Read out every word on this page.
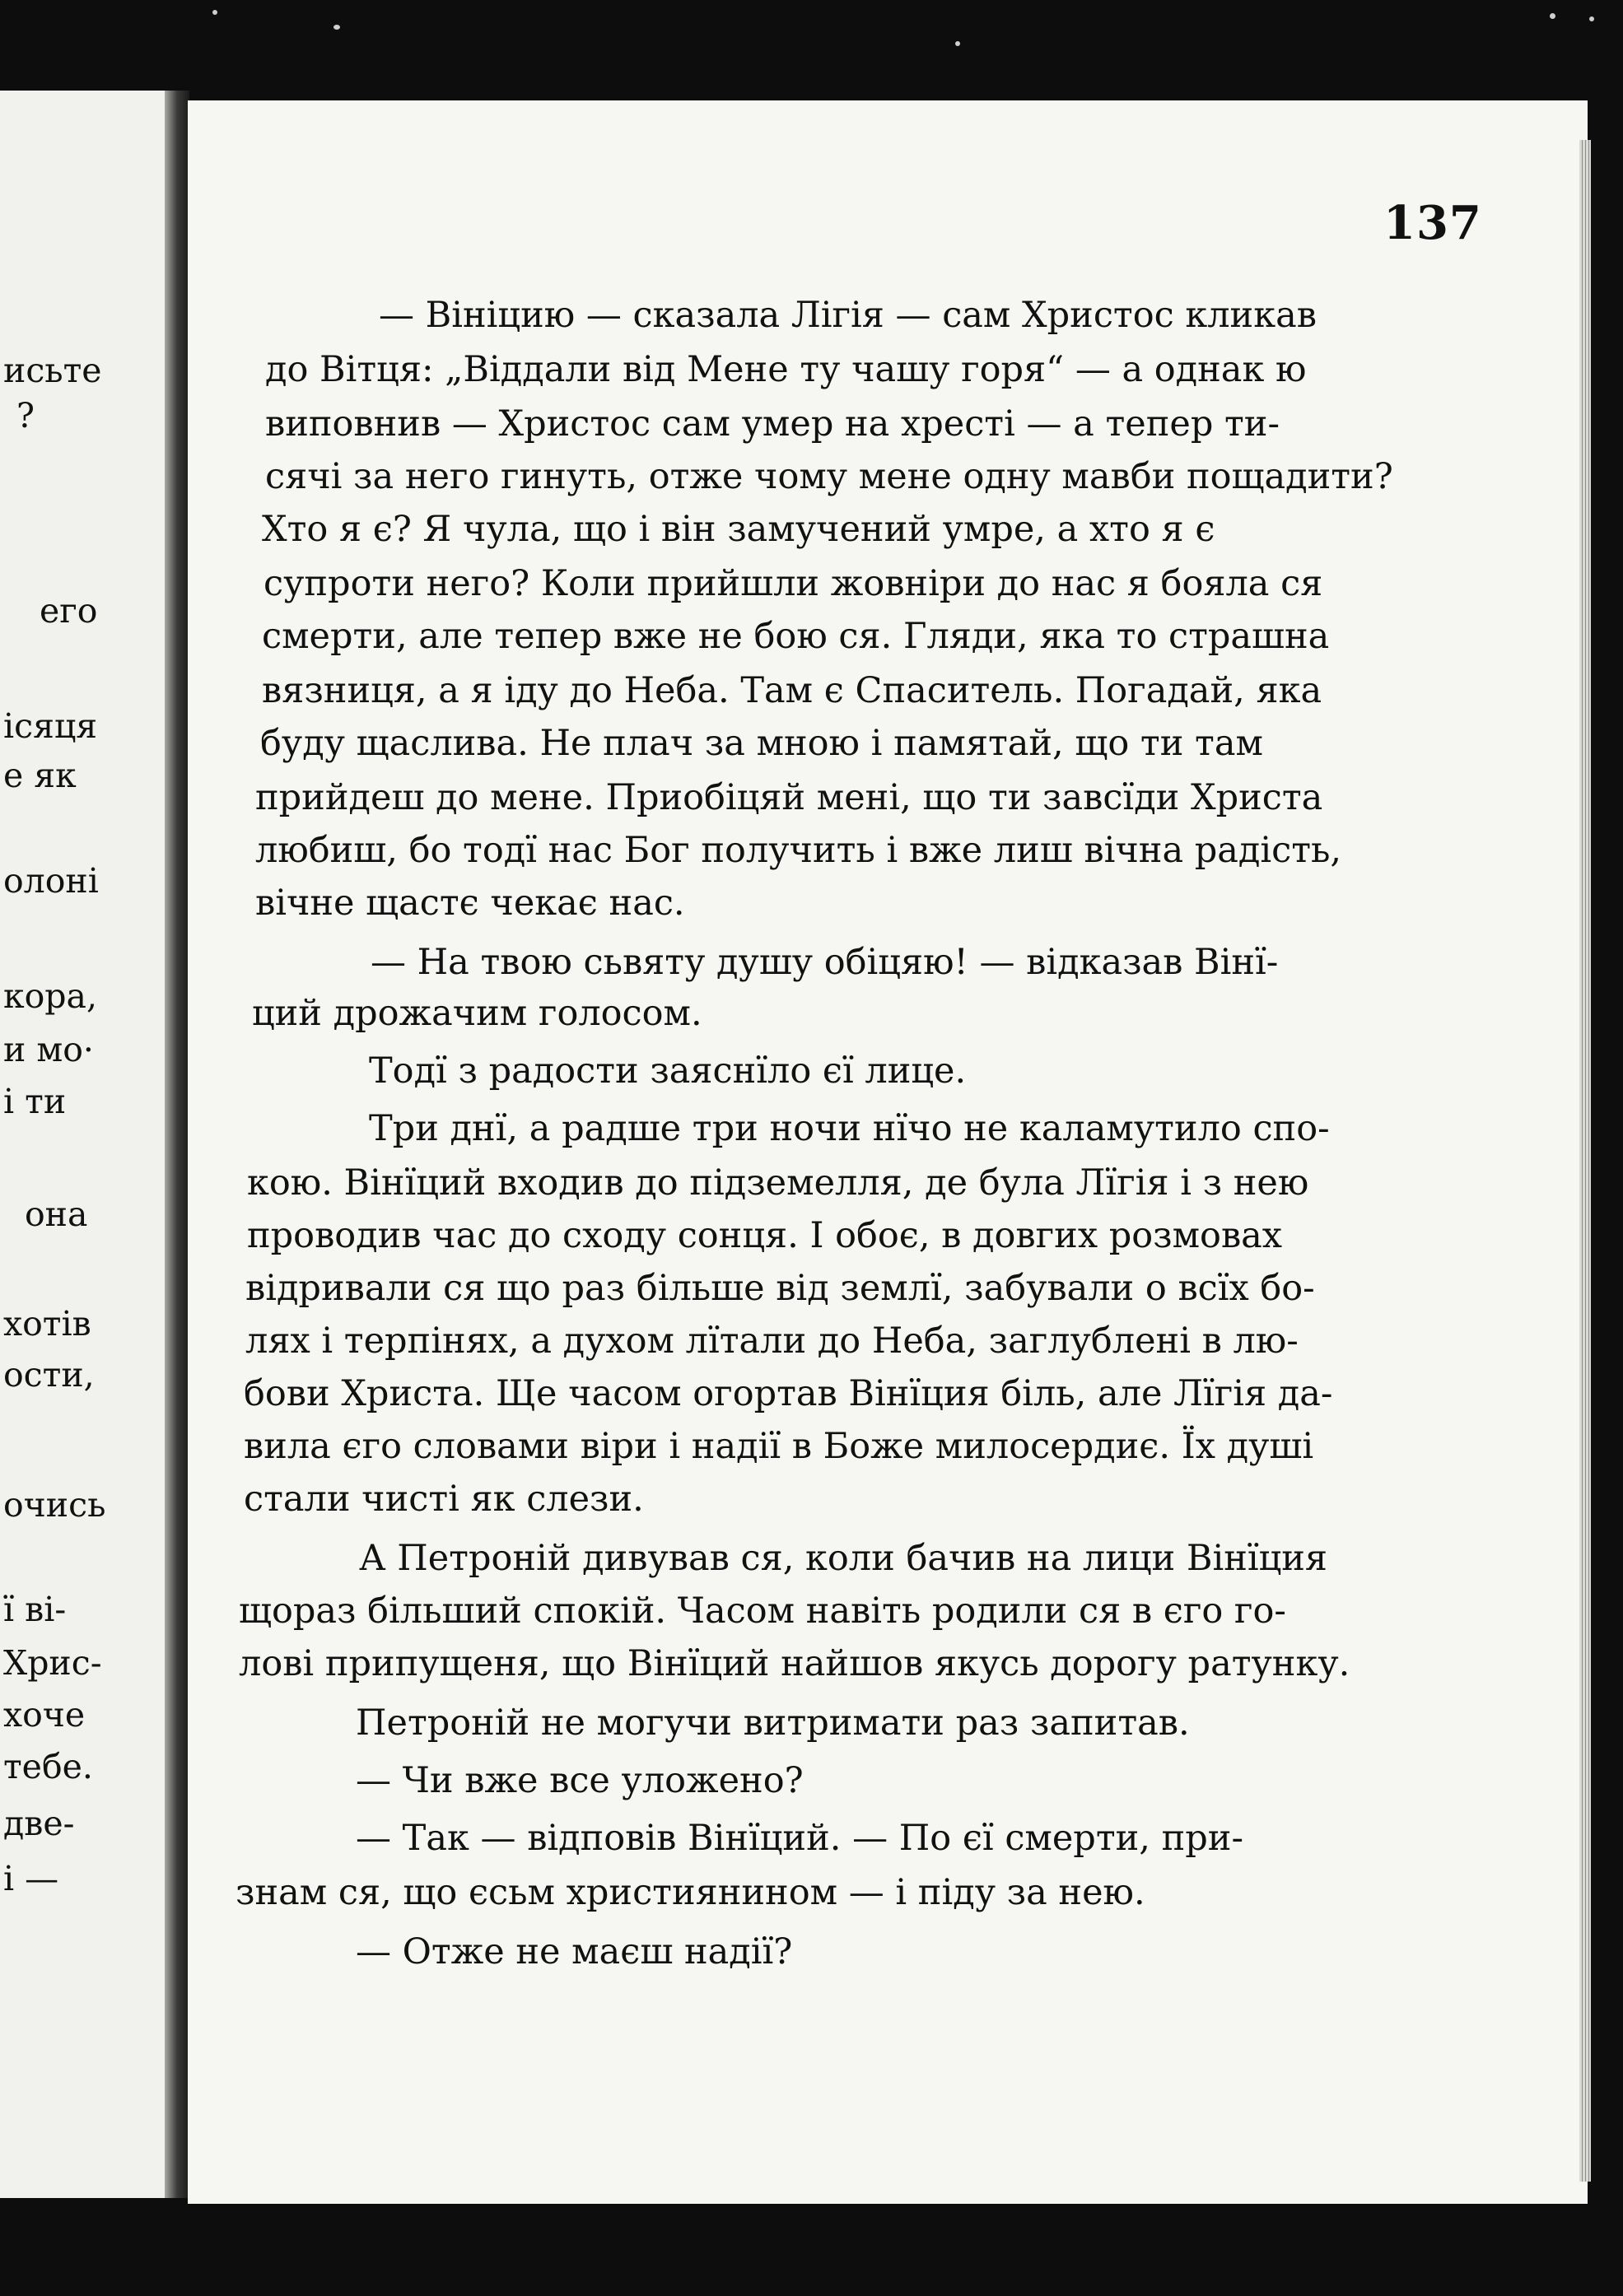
исьте
?
его
ісяця
е як
олоні
кора,
и мо·
і ти
она
хотів
ости,
очись
ї ві-
Хрис-
хоче
тебе.
две-
і —
137
— Вініцию — сказала Лігія — сам Христос кликав
до Вітця: „Віддали від Мене ту чашу горя“ — а однак ю
виповнив — Христос сам умер на хресті — а тепер ти-
сячі за него гинуть, отже чому мене одну мавби пощадити?
Хто я є? Я чула, що і він замучений умре, а хто я є
супроти него? Коли прийшли жовніри до нас я бояла ся
смерти, але тепер вже не бою ся. Гляди, яка то страшна
вязниця, а я іду до Неба. Там є Спаситель. Погадай, яка
буду щаслива. Не плач за мною і памятай, що ти там
прийдеш до мене. Приобіцяй мені, що ти завсїди Христа
любиш, бо тодї нас Бог получить і вже лиш вічна радість,
вічне щастє чекає нас.
— На твою сьвяту душу обіцяю! — відказав Вінї-
ций дрожачим голосом.
Тодї з радости заяснїло єї лице.
Три днї, а радше три ночи нїчо не каламутило спо-
кою. Вінїций входив до підземелля, де була Лїгія і з нею
проводив час до сходу сонця. І обоє, в довгих розмовах
відривали ся що раз більше від землї, забували о всїх бо-
лях і терпінях, а духом лїтали до Неба, заглублені в лю-
бови Христа. Ще часом огортав Вінїция біль, але Лїгія да-
вила єго словами віри і надії в Боже милосердиє. Їх душі
стали чисті як слези.
А Петроній дивував ся, коли бачив на лици Вінїция
щораз більший спокій. Часом навіть родили ся в єго го-
лові припущеня, що Вінїций найшов якусь дорогу ратунку.
Петроній не могучи витримати раз запитав.
— Чи вже все уложено?
— Так — відповів Вінїций. — По єї смерти, при-
знам ся, що єсьм християнином — і піду за нею.
— Отже не маєш надії?
